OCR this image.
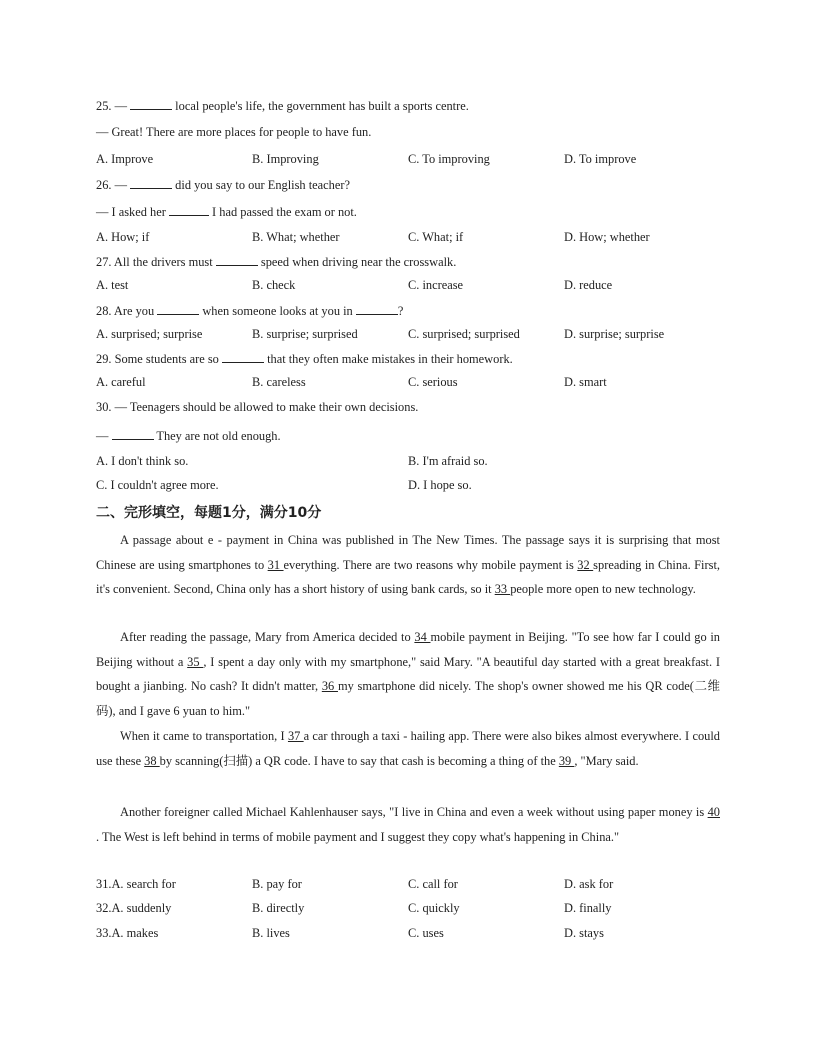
25. —	local people's life, the government has built a sports centre.
— Great! There are more places for people to have fun.
A. Improve	B. Improving	C. To improving	D. To improve
26. —	did you say to our English teacher?
— I asked her	I had passed the exam or not.
A. How; if	B. What; whether	C. What; if	D. How; whether
27. All the drivers must	speed when driving near the crosswalk.
A. test	B. check	C. increase	D. reduce
28. Are you	when someone looks at you in	?
A. surprised; surprise	B. surprise; surprised	C. surprised; surprised	D. surprise; surprise
29. Some students are so	that they often make mistakes in their homework.
A. careful	B. careless	C. serious	D. smart
30. — Teenagers should be allowed to make their own decisions.
—	They are not old enough.
A. I don't think so.	B. I'm afraid so.
C. I couldn't agree more.	D. I hope so.
二、完形填空，每题1分，满分10分
A passage about e - payment in China was published in The New Times. The passage says it is surprising that most Chinese are using smartphones to 31 everything. There are two reasons why mobile payment is 32 spreading in China. First, it's convenient. Second, China only has a short history of using bank cards, so it 33 people more open to new technology.
After reading the passage, Mary from America decided to 34 mobile payment in Beijing. "To see how far I could go in Beijing without a 35 , I spent a day only with my smartphone," said Mary. "A beautiful day started with a great breakfast. I bought a jianbing. No cash? It didn't matter, 36 my smartphone did nicely. The shop's owner showed me his QR code(二维码), and I gave 6 yuan to him."
When it came to transportation, I 37 a car through a taxi - hailing app. There were also bikes almost everywhere. I could use these 38 by scanning(扫描) a QR code. I have to say that cash is becoming a thing of the 39 , "Mary said.
Another foreigner called Michael Kahlenhauser says, "I live in China and even a week without using paper money is 40 . The West is left behind in terms of mobile payment and I suggest they copy what's happening in China."
31.A. search for	B. pay for	C. call for	D. ask for
32.A. suddenly	B. directly	C. quickly	D. finally
33.A. makes	B. lives	C. uses	D. stays
